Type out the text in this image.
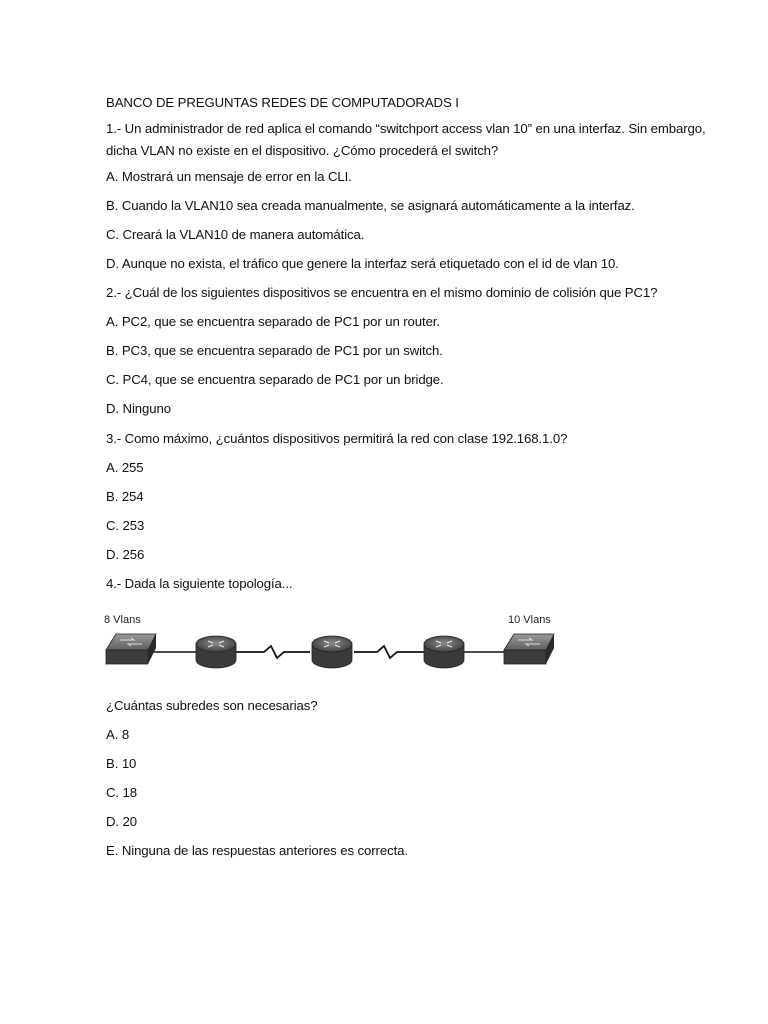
BANCO DE PREGUNTAS REDES DE COMPUTADORADS I
1.- Un administrador de red aplica el comando “switchport access vlan 10” en una interfaz. Sin embargo, dicha VLAN no existe en el dispositivo. ¿Cómo procederá el switch?
A. Mostrará un mensaje de error en la CLI.
B. Cuando la VLAN10 sea creada manualmente, se asignará automáticamente a la interfaz.
C. Creará la VLAN10 de manera automática.
D. Aunque no exista, el tráfico que genere la interfaz será etiquetado con el id de vlan 10.
2.- ¿Cuál de los siguientes dispositivos se encuentra en el mismo dominio de colisión que PC1?
A. PC2, que se encuentra separado de PC1 por un router.
B. PC3, que se encuentra separado de PC1 por un switch.
C. PC4, que se encuentra separado de PC1 por un bridge.
D. Ninguno
3.- Como máximo, ¿cuántos dispositivos permitirá la red con clase 192.168.1.0?
A. 255
B. 254
C. 253
D. 256
4.- Dada la siguiente topología...
8 Vlans	10 Vlans
¿Cuántas subredes son necesarias?
A. 8
B. 10
C. 18
D. 20
E. Ninguna de las respuestas anteriores es correcta.
